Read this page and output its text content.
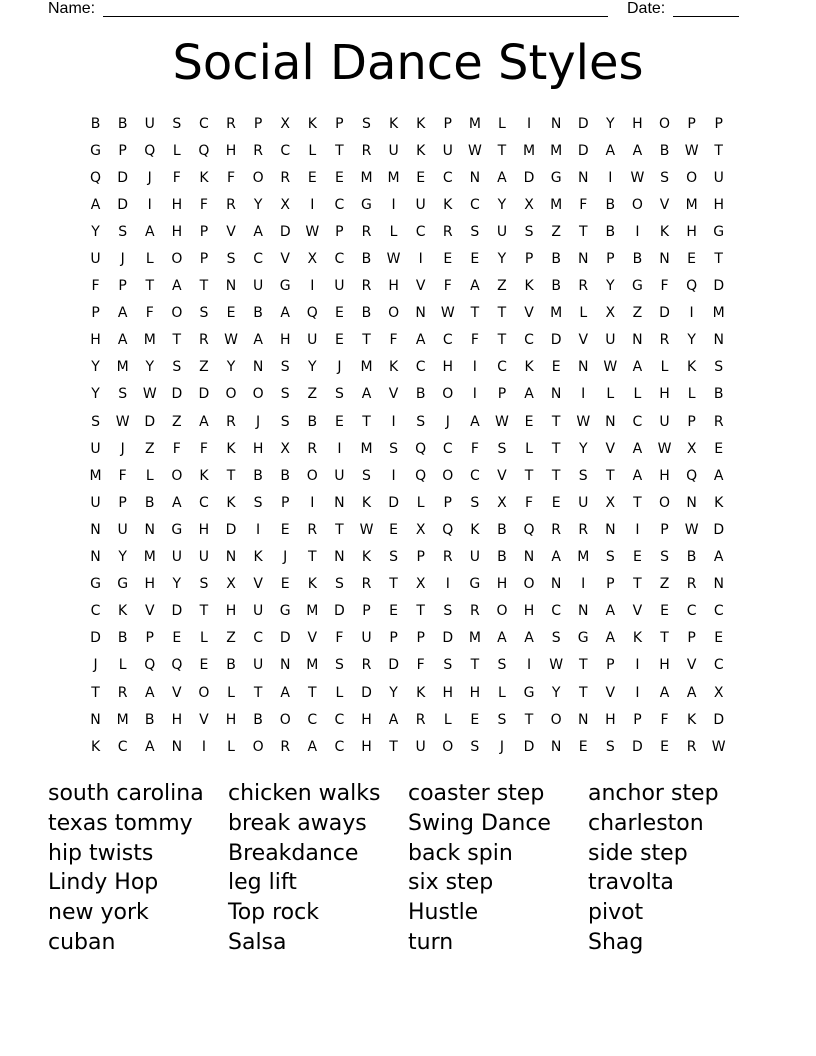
Name:	Date:
Social Dance Styles
B	B	U	S	C	R	P	X	K	P	S	K	K	P	M	L	I	N	D	Y	H	O	P	P
G	P	Q	L	Q	H	R	C	L	T	R	U	K	U	W	T	M	M	D	A	A	B	W	T
Q	D	J	F	K	F	O	R	E	E	M	M	E	C	N	A	D	G	N	I	W	S	O	U
A	D	I	H	F	R	Y	X	I	C	G	I	U	K	C	Y	X	M	F	B	O	V	M	H
Y	S	A	H	P	V	A	D	W	P	R	L	C	R	S	U	S	Z	T	B	I	K	H	G
U	J	L	O	P	S	C	V	X	C	B	W	I	E	E	Y	P	B	N	P	B	N	E	T
F	P	T	A	T	N	U	G	I	U	R	H	V	F	A	Z	K	B	R	Y	G	F	Q	D
P	A	F	O	S	E	B	A	Q	E	B	O	N	W	T	T	V	M	L	X	Z	D	I	M
H	A	M	T	R	W	A	H	U	E	T	F	A	C	F	T	C	D	V	U	N	R	Y	N
Y	M	Y	S	Z	Y	N	S	Y	J	M	K	C	H	I	C	K	E	N	W	A	L	K	S
Y	S	W	D	D	O	O	S	Z	S	A	V	B	O	I	P	A	N	I	L	L	H	L	B
S	W	D	Z	A	R	J	S	B	E	T	I	S	J	A	W	E	T	W	N	C	U	P	R
U	J	Z	F	F	K	H	X	R	I	M	S	Q	C	F	S	L	T	Y	V	A	W	X	E
M	F	L	O	K	T	B	B	O	U	S	I	Q	O	C	V	T	T	S	T	A	H	Q	A
U	P	B	A	C	K	S	P	I	N	K	D	L	P	S	X	F	E	U	X	T	O	N	K
N	U	N	G	H	D	I	E	R	T	W	E	X	Q	K	B	Q	R	R	N	I	P	W	D
N	Y	M	U	U	N	K	J	T	N	K	S	P	R	U	B	N	A	M	S	E	S	B	A
G	G	H	Y	S	X	V	E	K	S	R	T	X	I	G	H	O	N	I	P	T	Z	R	N
C	K	V	D	T	H	U	G	M	D	P	E	T	S	R	O	H	C	N	A	V	E	C	C
D	B	P	E	L	Z	C	D	V	F	U	P	P	D	M	A	A	S	G	A	K	T	P	E
J	L	Q	Q	E	B	U	N	M	S	R	D	F	S	T	S	I	W	T	P	I	H	V	C
T	R	A	V	O	L	T	A	T	L	D	Y	K	H	H	L	G	Y	T	V	I	A	A	X
N	M	B	H	V	H	B	O	C	C	H	A	R	L	E	S	T	O	N	H	P	F	K	D
K	C	A	N	I	L	O	R	A	C	H	T	U	O	S	J	D	N	E	S	D	E	R	W
south carolina	chicken walks	coaster step	anchor step
texas tommy	break aways	Swing Dance	charleston
hip twists	Breakdance	back spin	side step
Lindy Hop	leg lift	six step	travolta
new york	Top rock	Hustle	pivot
cuban	Salsa	turn	Shag
